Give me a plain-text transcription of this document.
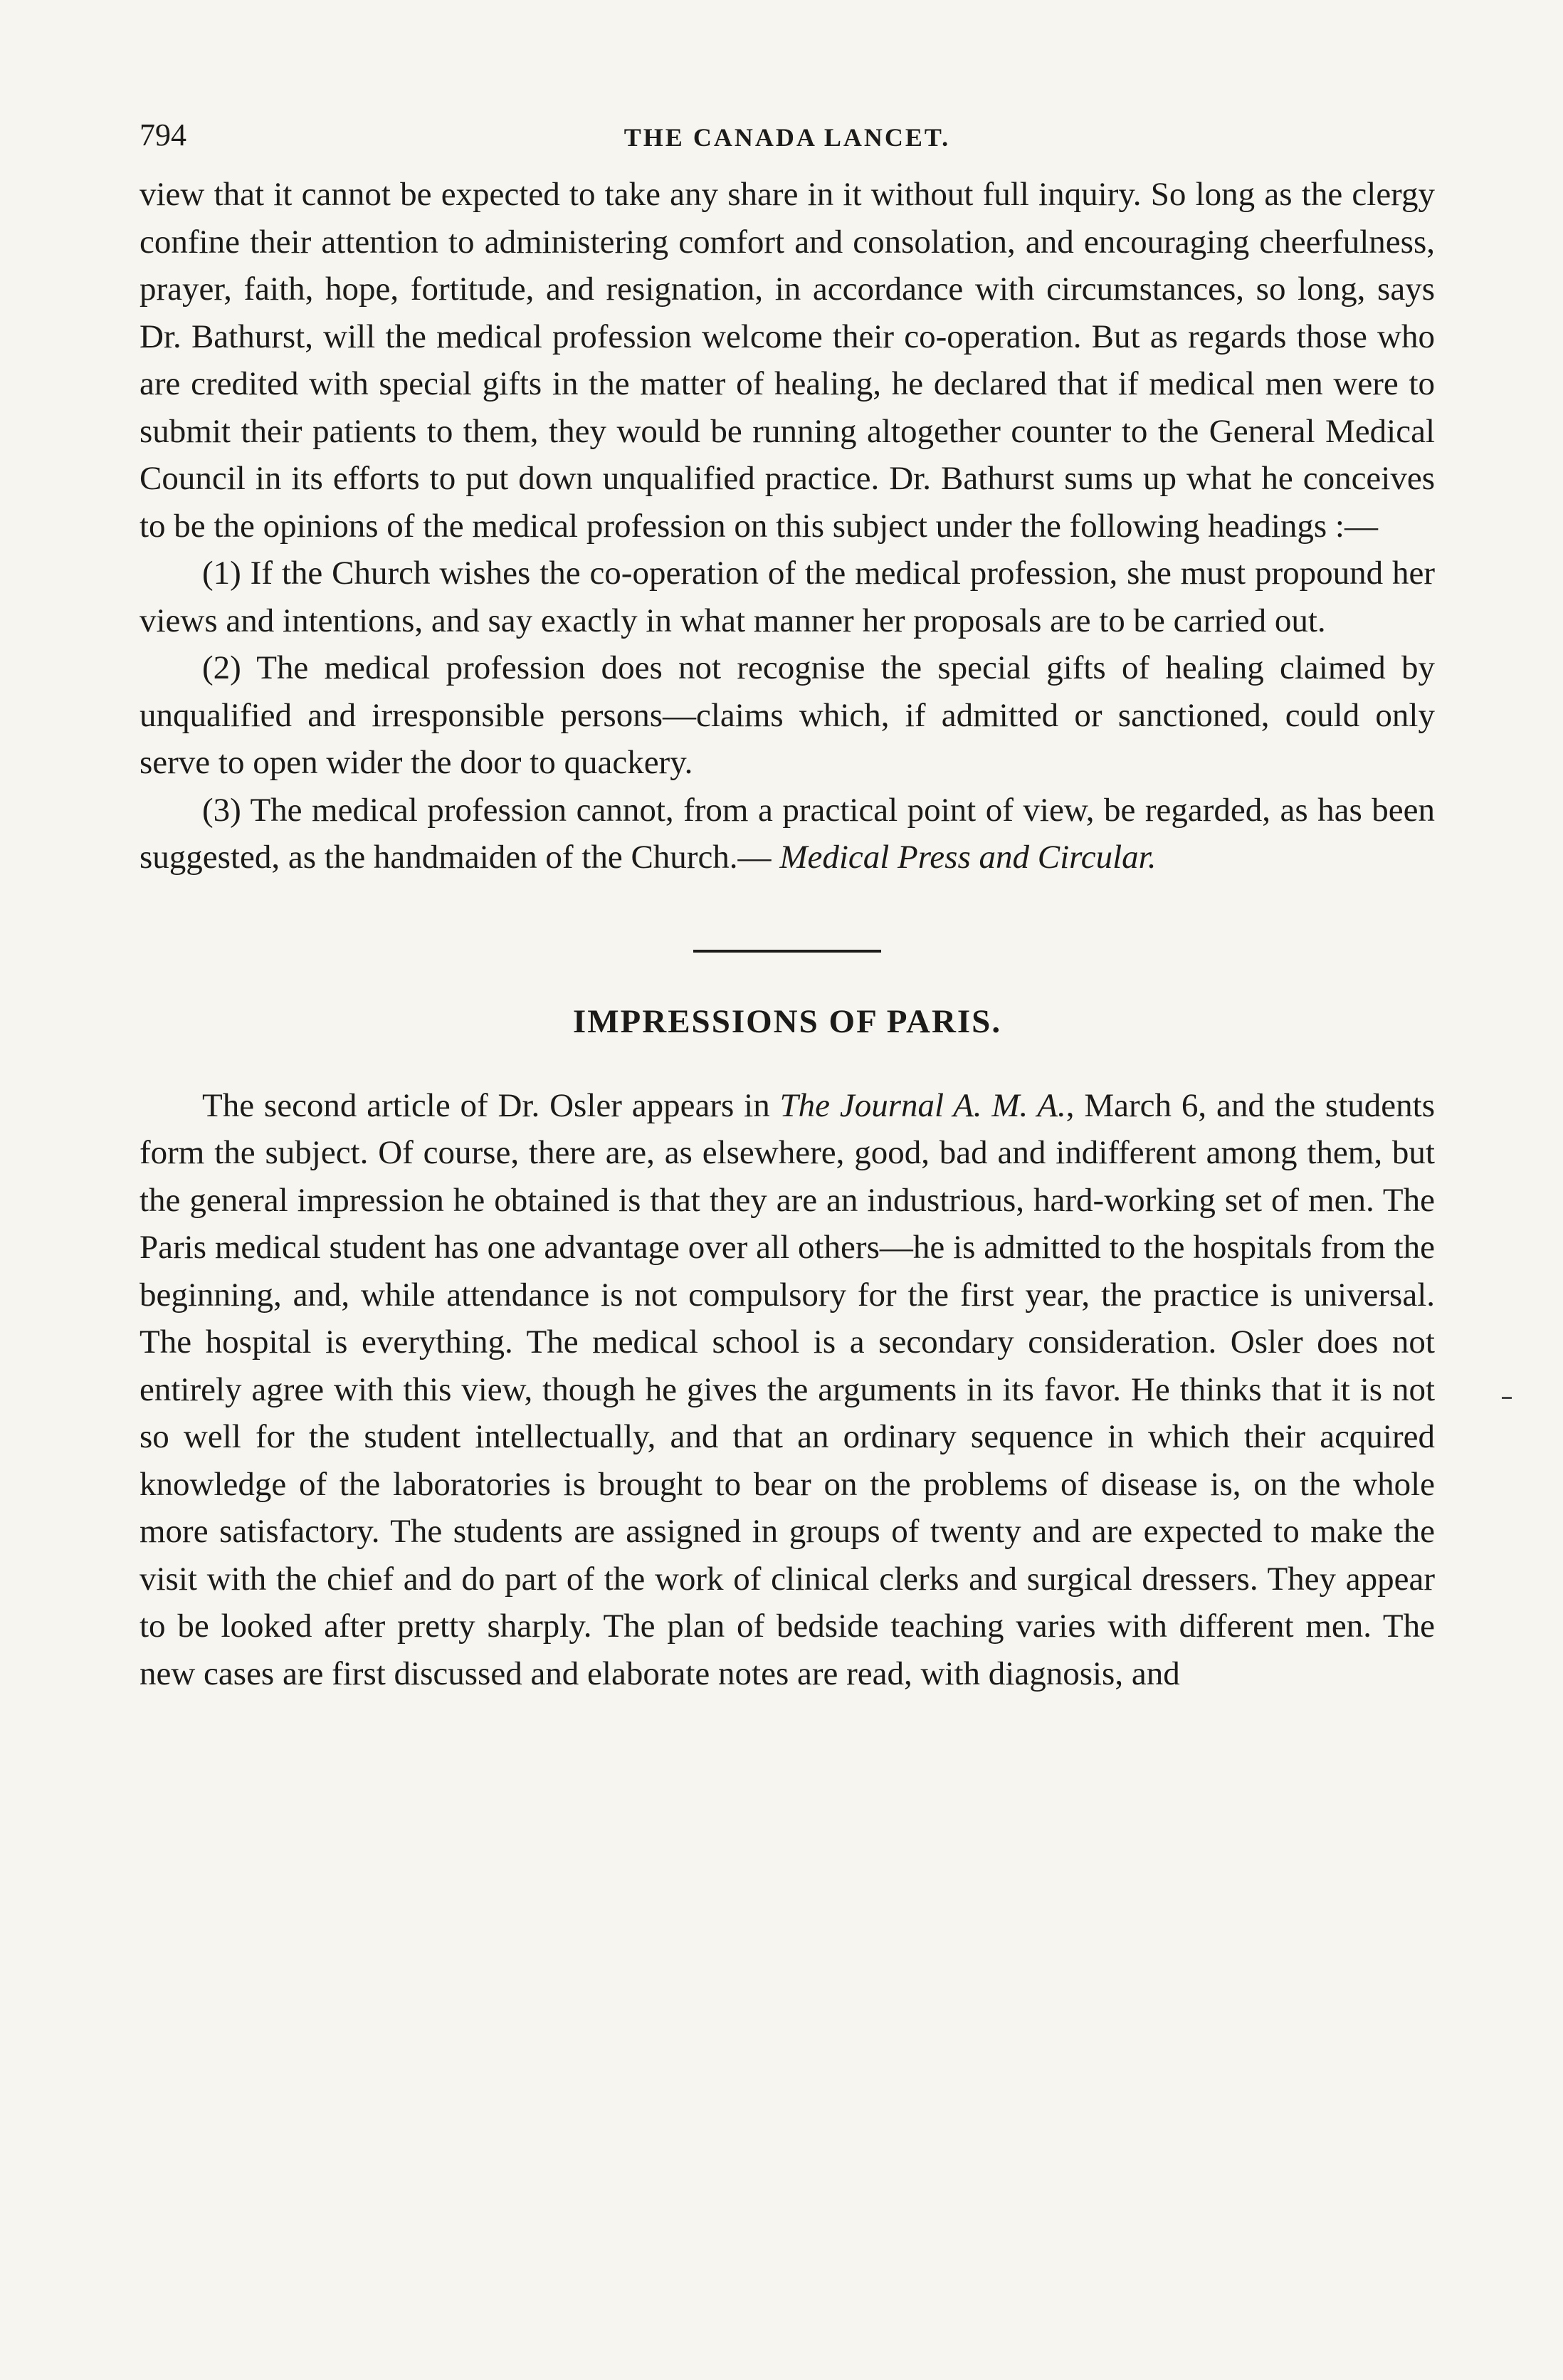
794	THE CANADA LANCET.

view that it cannot be expected to take any share in it without full inquiry. So long as the clergy confine their attention to administering comfort and consolation, and encouraging cheerfulness, prayer, faith, hope, fortitude, and resignation, in accordance with circumstances, so long, says Dr. Bathurst, will the medical profession welcome their co-operation. But as regards those who are credited with special gifts in the matter of healing, he declared that if medical men were to submit their patients to them, they would be running altogether counter to the General Medical Council in its efforts to put down unqualified practice. Dr. Bathurst sums up what he conceives to be the opinions of the medical profession on this subject under the following headings :—

(1) If the Church wishes the co-operation of the medical profession, she must propound her views and intentions, and say exactly in what manner her proposals are to be carried out.

(2) The medical profession does not recognise the special gifts of healing claimed by unqualified and irresponsible persons—claims which, if admitted or sanctioned, could only serve to open wider the door to quackery.

(3) The medical profession cannot, from a practical point of view, be regarded, as has been suggested, as the handmaiden of the Church.— Medical Press and Circular.

IMPRESSIONS OF PARIS.

The second article of Dr. Osler appears in The Journal A. M. A., March 6, and the students form the subject. Of course, there are, as elsewhere, good, bad and indifferent among them, but the general impression he obtained is that they are an industrious, hard-working set of men. The Paris medical student has one advantage over all others—he is admitted to the hospitals from the beginning, and, while attendance is not compulsory for the first year, the practice is universal. The hospital is everything. The medical school is a secondary consideration. Osler does not entirely agree with this view, though he gives the arguments in its favor. He thinks that it is not so well for the student intellectually, and that an ordinary sequence in which their acquired knowledge of the laboratories is brought to bear on the problems of disease is, on the whole more satisfactory. The students are assigned in groups of twenty and are expected to make the visit with the chief and do part of the work of clinical clerks and surgical dressers. They appear to be looked after pretty sharply. The plan of bedside teaching varies with different men. The new cases are first discussed and elaborate notes are read, with diagnosis, and
